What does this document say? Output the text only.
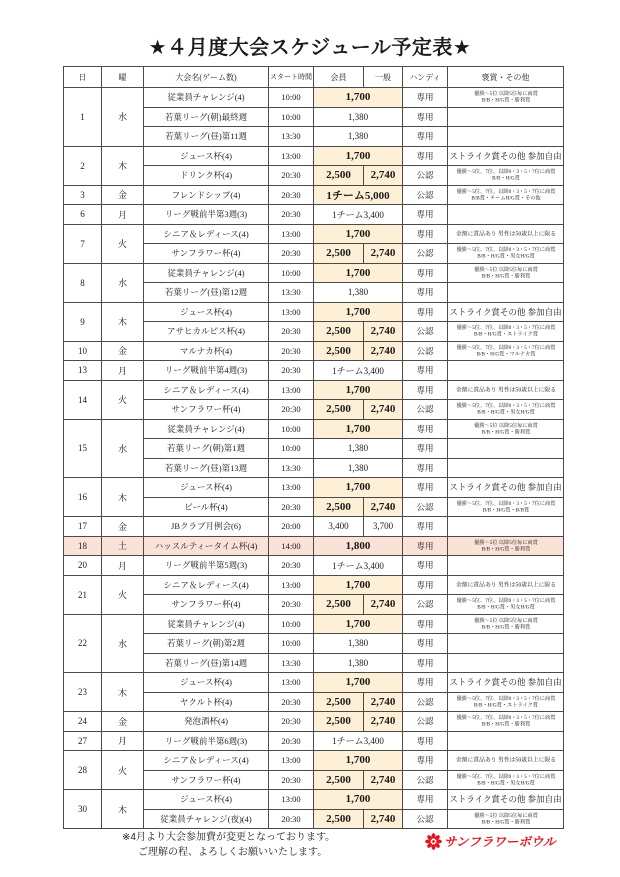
★４月度大会スケジュール予定表★
日	曜	大会名(ゲーム数)	スタート時間	会員	一般	ハンディ	褒賞・その他
1	水	従業員チャレンジ(4)	10:00	1,700		専用	優勝～5位 以降5位毎に商賞
B/B・H/G賞・勝利賞

		若葉リーグ(朝)最終週	10:00	1,380		専用	
		若葉リーグ(昼)第11週	13:30	1,380		専用	
2	木	ジュース杯(4)	13:00	1,700		専用	ストライク賞その他 参加自由

		ドリンク杯(4)	20:30	2,500	2,740	公認	優勝～5位、7位、以降0・3・5・7位に商賞
B/B・H/G賞

3	金	フレンドシップ(4)	20:30	1チーム5,000		公認	優勝～5位、7位、以降0・3・5・7位に商賞
B/B賞・チームH/G賞・その他

6	月	リーグ戦前半第3週(3)	20:30	1チーム3,400		専用	
7	火	シニア＆レディース(4)	13:00	1,700		専用	金額に賞品あり 男性は50歳以上に限る

		サンフラワー杯(4)	20:30	2,500	2,740	公認	優勝～5位、7位、以降0・3・5・7位に商賞
B/B・H/G賞・男女H/G賞

8	水	従業員チャレンジ(4)	10:00	1,700		専用	優勝～5位 以降5位毎に商賞
B/B・H/G賞・勝利賞

		若葉リーグ(昼)第12週	13:30	1,380		専用	
9	木	ジュース杯(4)	13:00	1,700		専用	ストライク賞その他 参加自由

		アサヒカルピス杯(4)	20:30	2,500	2,740	公認	優勝～5位、7位、以降0・3・5・7位に商賞
B/B・H/G賞・ストライク賞

10	金	マルナカ杯(4)	20:30	2,500	2,740	公認	優勝～5位、7位、以降0・3・5・7位に商賞
B/B・H/G賞・マルナカ賞

13	月	リーグ戦前半第4週(3)	20:30	1チーム3,400		専用	
14	火	シニア＆レディース(4)	13:00	1,700		専用	金額に賞品あり 男性は50歳以上に限る

		サンフラワー杯(4)	20:30	2,500	2,740	公認	優勝～5位、7位、以降0・3・5・7位に商賞
B/B・H/G賞・男女H/G賞

15	水	従業員チャレンジ(4)	10:00	1,700		専用	優勝～5位 以降5位毎に商賞
B/B・H/G賞・勝利賞

		若葉リーグ(朝)第1週	10:00	1,380		専用	
		若葉リーグ(昼)第13週	13:30	1,380		専用	
16	木	ジュース杯(4)	13:00	1,700		専用	ストライク賞その他 参加自由

		ビール杯(4)	20:30	2,500	2,740	公認	優勝～5位、7位、以降0・3・5・7位に商賞
B/B・H/G賞・B/B賞

17	金	JBクラブ月例会(6)	20:00	3,400	3,700	専用	
18	土	ハッスルティータイム杯(4)	14:00	1,800		専用	優勝～5位 以降5位毎に商賞
B/B・H/G賞・勝利賞

20	月	リーグ戦前半第5週(3)	20:30	1チーム3,400		専用	
21	火	シニア＆レディース(4)	13:00	1,700		専用	金額に賞品あり 男性は50歳以上に限る

		サンフラワー杯(4)	20:30	2,500	2,740	公認	優勝～5位、7位、以降0・3・5・7位に商賞
B/B・H/G賞・男女H/G賞

22	水	従業員チャレンジ(4)	10:00	1,700		専用	優勝～5位 以降5位毎に商賞
B/B・H/G賞・勝利賞

		若葉リーグ(朝)第2週	10:00	1,380		専用	
		若葉リーグ(昼)第14週	13:30	1,380		専用	
23	木	ジュース杯(4)	13:00	1,700		専用	ストライク賞その他 参加自由

		ヤクルト杯(4)	20:30	2,500	2,740	公認	優勝～5位、7位、以降0・3・5・7位に商賞
B/B・H/G賞・ストライク賞

24	金	発泡酒杯(4)	20:30	2,500	2,740	公認	優勝～5位、7位、以降0・3・5・7位に商賞
B/B・H/G賞・勝利賞

27	月	リーグ戦前半第6週(3)	20:30	1チーム3,400		専用	
28	火	シニア＆レディース(4)	13:00	1,700		専用	金額に賞品あり 男性は50歳以上に限る

		サンフラワー杯(4)	20:30	2,500	2,740	公認	優勝～5位、7位、以降0・3・5・7位に商賞
B/B・H/G賞・男女H/G賞

30	木	ジュース杯(4)	13:00	1,700		専用	ストライク賞その他 参加自由

		従業員チャレンジ(夜)(4)	20:30	2,500	2,740	公認	優勝～5位 以降5位毎に商賞
B/B・H/G賞・勝利賞
※4月より大会参加費が変更となっております。
ご理解の程、よろしくお願いいたします。
サンフラワーボウル
